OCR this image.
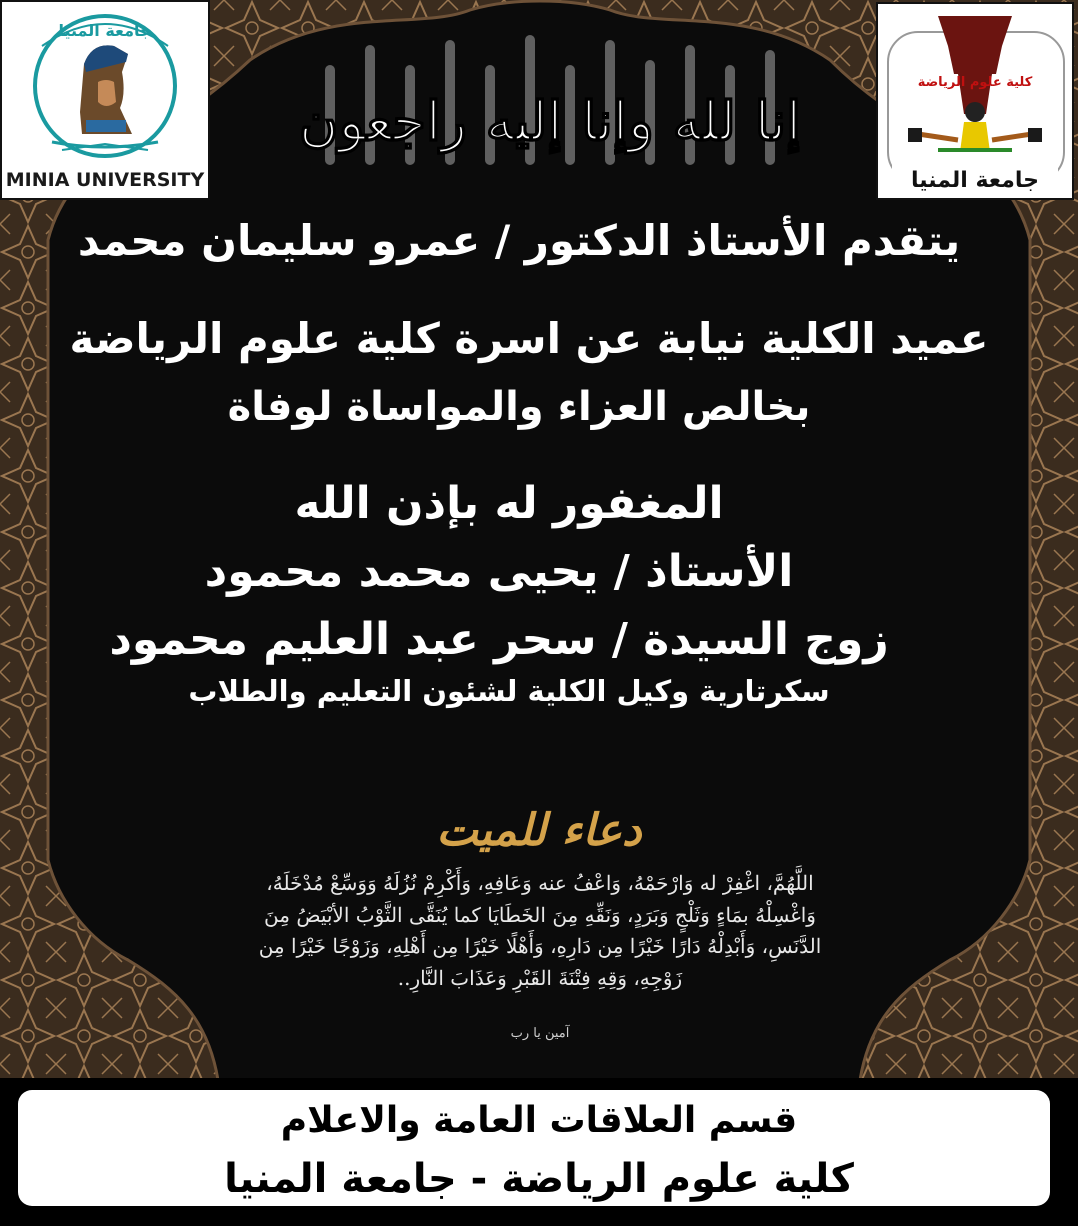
جامعة المنيا
MINIA UNIVERSITY
إنا لله وإنا إليه راجعون
كلية علوم الرياضة
جامعة المنيا
يتقدم الأستاذ الدكتور / عمرو سليمان محمد
عميد الكلية نيابة عن اسرة كلية علوم الرياضة
بخالص العزاء والمواساة لوفاة
المغفور له بإذن الله
الأستاذ / يحيى محمد محمود
زوج السيدة / سحر عبد العليم محمود
سكرتارية وكيل الكلية لشئون التعليم والطلاب
دعاء للميت
اللَّهُمَّ، اغْفِرْ له وَارْحَمْهُ، وَاعْفُ عنه وَعَافِهِ، وَأَكْرِمْ نُزُلَهُ وَوَسِّعْ مُدْخَلَهُ، وَاغْسِلْهُ بمَاءٍ وَثَلْجٍ وَبَرَدٍ، وَنَقِّهِ مِنَ الخَطَايَا كما يُنَقَّى الثَّوْبُ الأبْيَضُ مِنَ الدَّنَسِ، وَأَبْدِلْهُ دَارًا خَيْرًا مِن دَارِهِ، وَأَهْلًا خَيْرًا مِن أَهْلِهِ، وَزَوْجًا خَيْرًا مِن زَوْجِهِ، وَقِهِ فِتْنَةَ القَبْرِ وَعَذَابَ النَّارِ..
آمين يا رب
قسم العلاقات العامة والاعلام
كلية علوم الرياضة - جامعة المنيا
